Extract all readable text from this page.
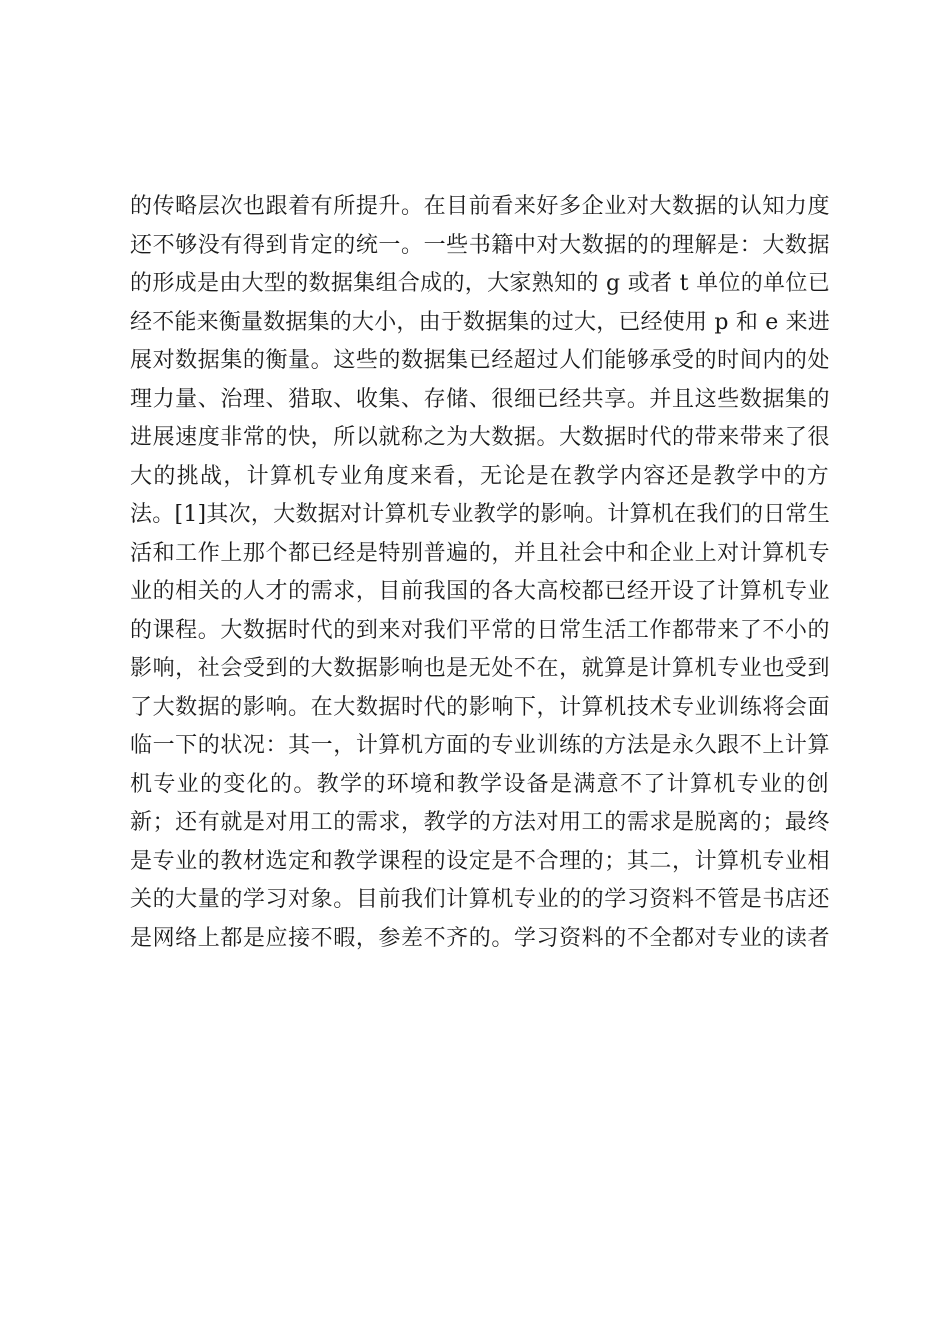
的传略层次也跟着有所提升。在目前看来好多企业对大数据的认知力度
还不够没有得到肯定的统一。一些书籍中对大数据的的理解是：大数据
的形成是由大型的数据集组合成的，大家熟知的 g 或者 t 单位的单位已
经不能来衡量数据集的大小，由于数据集的过大，已经使用 p 和 e 来进
展对数据集的衡量。这些的数据集已经超过人们能够承受的时间内的处
理力量、治理、猎取、收集、存储、很细已经共享。并且这些数据集的
进展速度非常的快，所以就称之为大数据。大数据时代的带来带来了很
大的挑战，计算机专业角度来看，无论是在教学内容还是教学中的方
法。[1]其次，大数据对计算机专业教学的影响。计算机在我们的日常生
活和工作上那个都已经是特别普遍的，并且社会中和企业上对计算机专
业的相关的人才的需求，目前我国的各大高校都已经开设了计算机专业
的课程。大数据时代的到来对我们平常的日常生活工作都带来了不小的
影响，社会受到的大数据影响也是无处不在，就算是计算机专业也受到
了大数据的影响。在大数据时代的影响下，计算机技术专业训练将会面
临一下的状况：其一，计算机方面的专业训练的方法是永久跟不上计算
机专业的变化的。教学的环境和教学设备是满意不了计算机专业的创
新；还有就是对用工的需求，教学的方法对用工的需求是脱离的；最终
是专业的教材选定和教学课程的设定是不合理的；其二，计算机专业相
关的大量的学习对象。目前我们计算机专业的的学习资料不管是书店还
是网络上都是应接不暇，参差不齐的。学习资料的不全都对专业的读者
